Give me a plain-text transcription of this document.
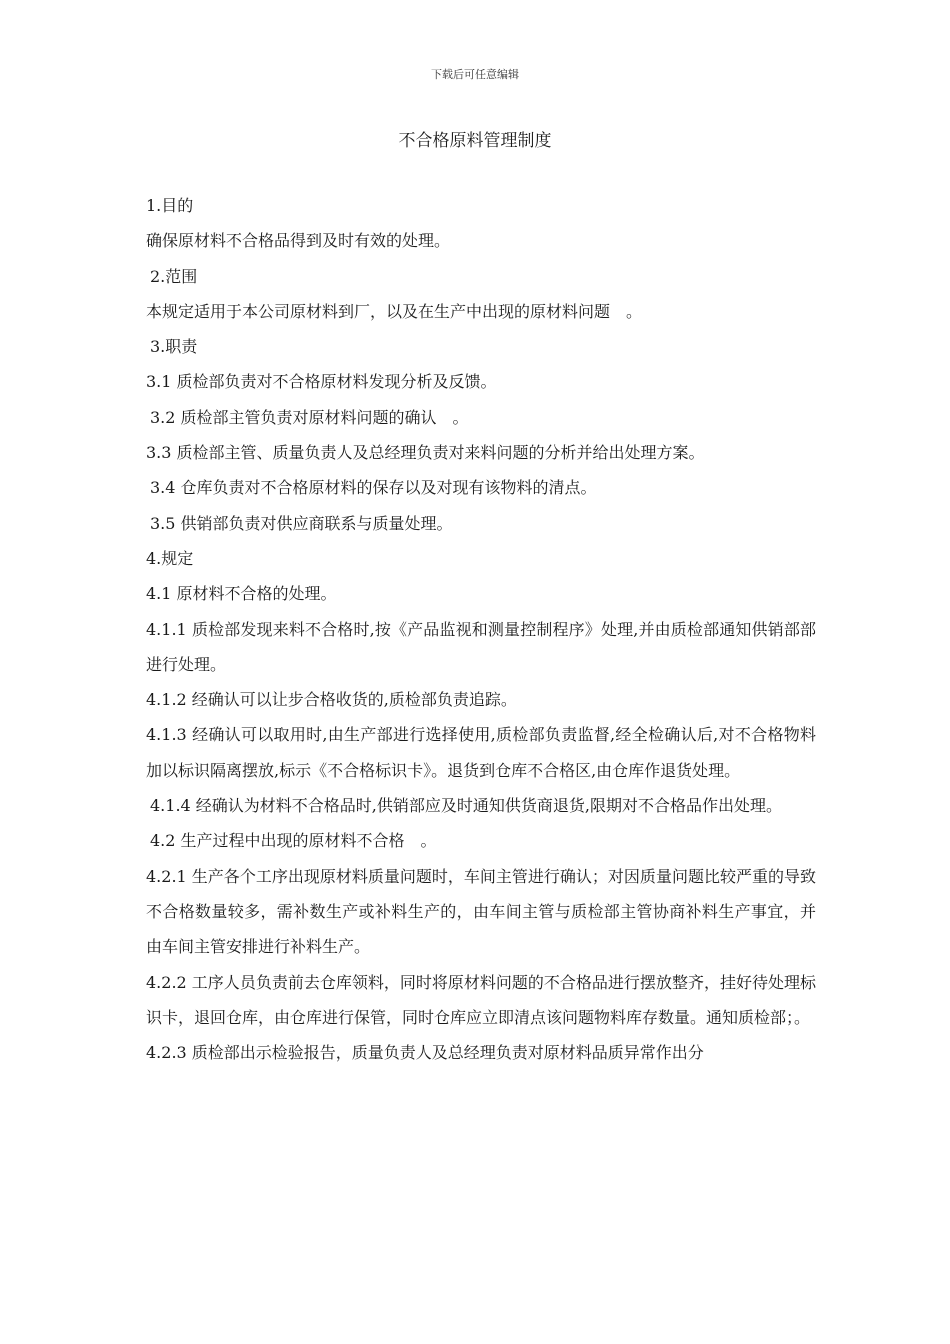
下载后可任意编辑
不合格原料管理制度
1.目的
确保原材料不合格品得到及时有效的处理。
2.范围
本规定适用于本公司原材料到厂，以及在生产中出现的原材料问题　。
3.职责
3.1 质检部负责对不合格原材料发现分析及反馈。
3.2 质检部主管负责对原材料问题的确认　。
3.3 质检部主管、质量负责人及总经理负责对来料问题的分析并给出处理方案。
3.4 仓库负责对不合格原材料的保存以及对现有该物料的清点。
3.5 供销部负责对供应商联系与质量处理。
4.规定
4.1 原材料不合格的处理。
4.1.1 质检部发现来料不合格时,按《产品监视和测量控制程序》处理,并由质检部通知供销部部进行处理。
4.1.2 经确认可以让步合格收货的,质检部负责追踪。
4.1.3 经确认可以取用时,由生产部进行选择使用,质检部负责监督,经全检确认后,对不合格物料加以标识隔离摆放,标示《不合格标识卡》。退货到仓库不合格区,由仓库作退货处理。
4.1.4 经确认为材料不合格品时,供销部应及时通知供货商退货,限期对不合格品作出处理。
4.2 生产过程中出现的原材料不合格　。
4.2.1 生产各个工序出现原材料质量问题时，车间主管进行确认；对因质量问题比较严重的导致不合格数量较多，需补数生产或补料生产的，由车间主管与质检部主管协商补料生产事宜，并由车间主管安排进行补料生产。
4.2.2 工序人员负责前去仓库领料，同时将原材料问题的不合格品进行摆放整齐，挂好待处理标识卡，退回仓库，由仓库进行保管，同时仓库应立即清点该问题物料库存数量。通知质检部；。
4.2.3 质检部出示检验报告，质量负责人及总经理负责对原材料品质异常作出分
